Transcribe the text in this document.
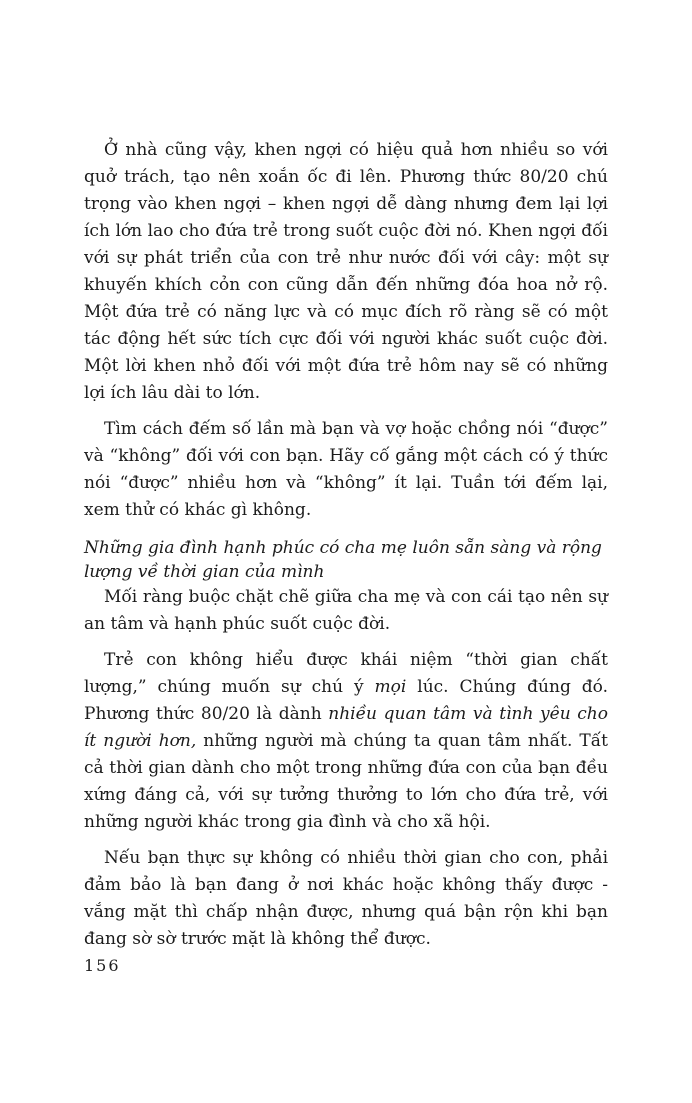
Ở nhà cũng vậy, khen ngợi có hiệu quả hơn nhiều so với quở trách, tạo nên xoắn ốc đi lên. Phương thức 80/20 chú trọng vào khen ngợi – khen ngợi dễ dàng nhưng đem lại lợi ích lớn lao cho đứa trẻ trong suốt cuộc đời nó. Khen ngợi đối với sự phát triển của con trẻ như nước đối với cây: một sự khuyến khích cỏn con cũng dẫn đến những đóa hoa nở rộ. Một đứa trẻ có năng lực và có mục đích rõ ràng sẽ có một tác động hết sức tích cực đối với người khác suốt cuộc đời. Một lời khen nhỏ đối với một đứa trẻ hôm nay sẽ có những lợi ích lâu dài to lớn.

Tìm cách đếm số lần mà bạn và vợ hoặc chồng nói “được” và “không” đối với con bạn. Hãy cố gắng một cách có ý thức nói “được” nhiều hơn và “không” ít lại. Tuần tới đếm lại, xem thử có khác gì không.

Những gia đình hạnh phúc có cha mẹ luôn sẵn sàng và rộng lượng về thời gian của mình

Mối ràng buộc chặt chẽ giữa cha mẹ và con cái tạo nên sự an tâm và hạnh phúc suốt cuộc đời.

Trẻ con không hiểu được khái niệm “thời gian chất lượng,” chúng muốn sự chú ý mọi lúc. Chúng đúng đó. Phương thức 80/20 là dành nhiều quan tâm và tình yêu cho ít người hơn, những người mà chúng ta quan tâm nhất. Tất cả thời gian dành cho một trong những đứa con của bạn đều xứng đáng cả, với sự tưởng thưởng to lớn cho đứa trẻ, với những người khác trong gia đình và cho xã hội.

Nếu bạn thực sự không có nhiều thời gian cho con, phải đảm bảo là bạn đang ở nơi khác hoặc không thấy được - vắng mặt thì chấp nhận được, nhưng quá bận rộn khi bạn đang sờ sờ trước mặt là không thể được.

156
